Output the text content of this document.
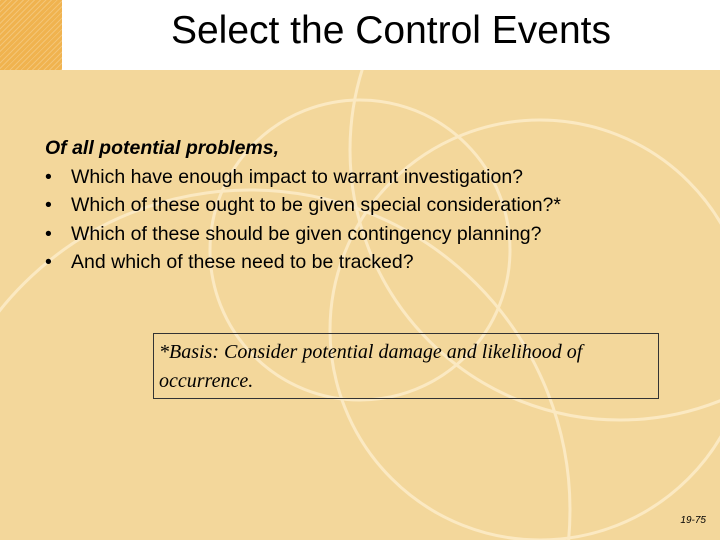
Select the Control Events
Of all potential problems,
• Which have enough impact to warrant investigation?
• Which of these ought to be given special consideration?*
• Which of these should be given contingency planning?
• And which of these need to be tracked?
*Basis: Consider potential damage and likelihood of occurrence.
19-75
